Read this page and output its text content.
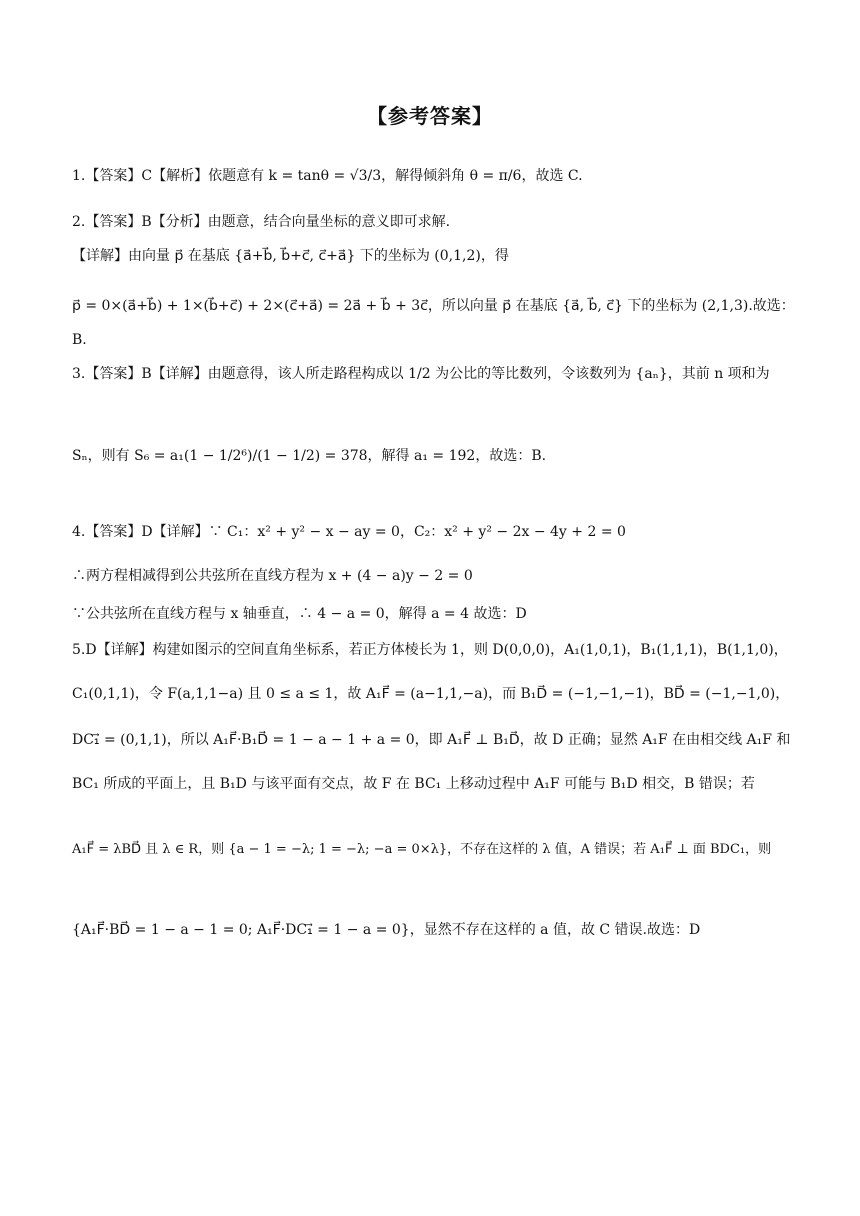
【参考答案】
1.【答案】C【解析】依题意有 k = tanθ = √3/3，解得倾斜角 θ = π/6，故选 C.
2.【答案】B【分析】由题意，结合向量坐标的意义即可求解.
【详解】由向量 p⃗ 在基底 {a⃗+b⃗, b⃗+c⃗, c⃗+a⃗} 下的坐标为 (0,1,2)，得
p⃗ = 0×(a⃗+b⃗) + 1×(b⃗+c⃗) + 2×(c⃗+a⃗) = 2a⃗ + b⃗ + 3c⃗，所以向量 p⃗ 在基底 {a⃗, b⃗, c⃗} 下的坐标为 (2,1,3).故选：
B.
3.【答案】B【详解】由题意得，该人所走路程构成以 1/2 为公比的等比数列，令该数列为 {aₙ}，其前 n 项和为
Sₙ，则有 S₆ = a₁(1 − 1/2⁶)/(1 − 1/2) = 378，解得 a₁ = 192，故选：B.
4.【答案】D【详解】∵ C₁：x² + y² − x − ay = 0，C₂：x² + y² − 2x − 4y + 2 = 0
∴两方程相减得到公共弦所在直线方程为 x + (4 − a)y − 2 = 0
∵公共弦所在直线方程与 x 轴垂直，∴ 4 − a = 0，解得 a = 4 故选：D
5.D【详解】构建如图示的空间直角坐标系，若正方体棱长为 1，则 D(0,0,0)，A₁(1,0,1)，B₁(1,1,1)，B(1,1,0)，
C₁(0,1,1)，令 F(a,1,1−a) 且 0 ≤ a ≤ 1，故 A₁F⃗ = (a−1,1,−a)，而 B₁D⃗ = (−1,−1,−1)，BD⃗ = (−1,−1,0)，
DC₁⃗ = (0,1,1)，所以 A₁F⃗·B₁D⃗ = 1 − a − 1 + a = 0，即 A₁F⃗ ⊥ B₁D⃗，故 D 正确；显然 A₁F 在由相交线 A₁F 和
BC₁ 所成的平面上，且 B₁D 与该平面有交点，故 F 在 BC₁ 上移动过程中 A₁F 可能与 B₁D 相交，B 错误；若
A₁F⃗ = λBD⃗ 且 λ ∈ R，则 {a − 1 = −λ; 1 = −λ; −a = 0×λ}，不存在这样的 λ 值，A 错误；若 A₁F⃗ ⊥ 面 BDC₁，则
{A₁F⃗·BD⃗ = 1 − a − 1 = 0; A₁F⃗·DC₁⃗ = 1 − a = 0}，显然不存在这样的 a 值，故 C 错误.故选：D
